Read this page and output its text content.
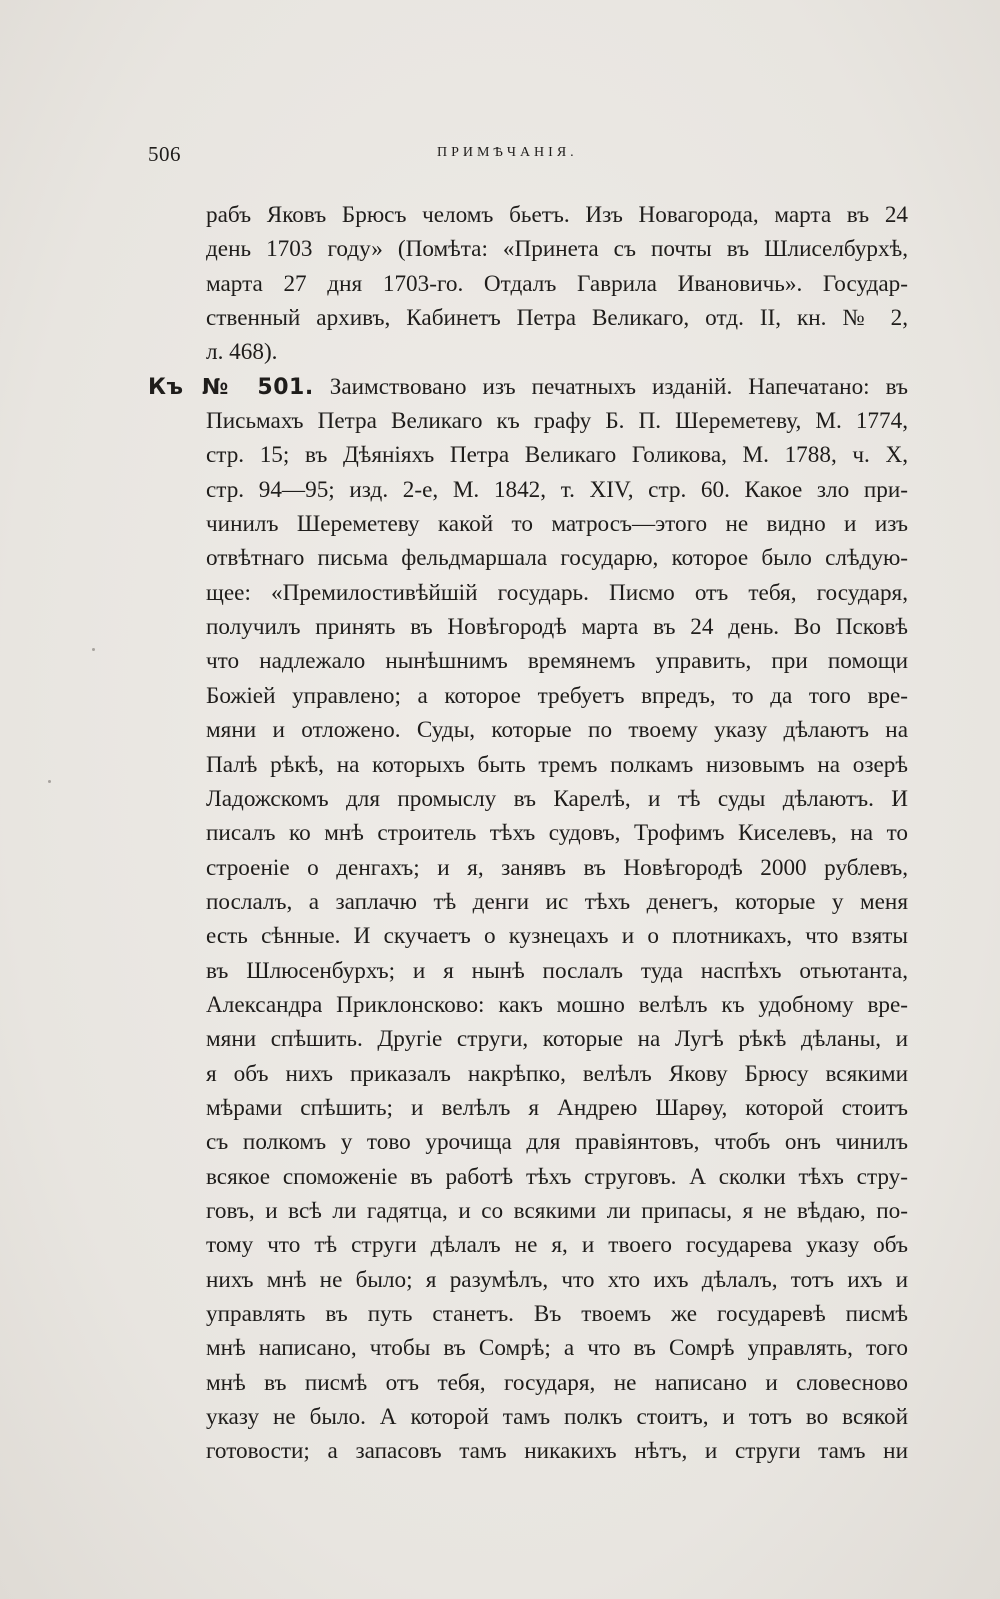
506	ПРИМѢЧАНІЯ.
рабъ Яковъ Брюсъ челомъ бьетъ. Изъ Новагорода, марта въ 24
день 1703 году» (Помѣта: «Принета съ почты въ Шлиселбурхѣ,
марта 27 дня 1703-го. Отдалъ Гаврила Ивановичь». Государ-
ственный архивъ, Кабинетъ Петра Великаго, отд. II, кн. № 2,
л. 468).
Къ № 501. Заимствовано изъ печатныхъ изданій. Напечатано: въ
Письмахъ Петра Великаго къ графу Б. П. Шереметеву, М. 1774,
стр. 15; въ Дѣяніяхъ Петра Великаго Голикова, М. 1788, ч. X,
стр. 94—95; изд. 2-е, М. 1842, т. XIV, стр. 60. Какое зло при-
чинилъ Шереметеву какой то матросъ—этого не видно и изъ
отвѣтнаго письма фельдмаршала государю, которое было слѣдую-
щее: «Премилостивѣйшій государь. Писмо отъ тебя, государя,
получилъ принять въ Новѣгородѣ марта въ 24 день. Во Псковѣ
что надлежало нынѣшнимъ времянемъ управить, при помощи
Божіей управлено; а которое требуетъ впредъ, то да того вре-
мяни и отложено. Суды, которые по твоему указу дѣлаютъ на
Палѣ рѣкѣ, на которыхъ быть тремъ полкамъ низовымъ на озерѣ
Ладожскомъ для промыслу въ Карелѣ, и тѣ суды дѣлаютъ. И
писалъ ко мнѣ строитель тѣхъ судовъ, Трофимъ Киселевъ, на то
строеніе о денгахъ; и я, занявъ въ Новѣгородѣ 2000 рублевъ,
послалъ, а заплачю тѣ денги ис тѣхъ денегъ, которые у меня
есть сѣнные. И скучаетъ о кузнецахъ и о плотникахъ, что взяты
въ Шлюсенбурхъ; и я нынѣ послалъ туда наспѣхъ отьютанта,
Александра Приклонсково: какъ мошно велѣлъ къ удобному вре-
мяни спѣшить. Другіе струги, которые на Лугѣ рѣкѣ дѣланы, и
я объ нихъ приказалъ накрѣпко, велѣлъ Якову Брюсу всякими
мѣрами спѣшить; и велѣлъ я Андрею Шарѳу, которой стоитъ
съ полкомъ у тово урочища для правіянтовъ, чтобъ онъ чинилъ
всякое споможеніе въ работѣ тѣхъ струговъ. А сколки тѣхъ стру-
говъ, и всѣ ли гадятца, и со всякими ли припасы, я не вѣдаю, по-
тому что тѣ струги дѣлалъ не я, и твоего государева указу объ
нихъ мнѣ не было; я разумѣлъ, что хто ихъ дѣлалъ, тотъ ихъ и
управлять въ путь станетъ. Въ твоемъ же государевѣ писмѣ
мнѣ написано, чтобы въ Сомрѣ; а что въ Сомрѣ управлять, того
мнѣ въ писмѣ отъ тебя, государя, не написано и словесново
указу не было. А которой тамъ полкъ стоитъ, и тотъ во всякой
готовости; а запасовъ тамъ никакихъ нѣтъ, и струги тамъ ни
